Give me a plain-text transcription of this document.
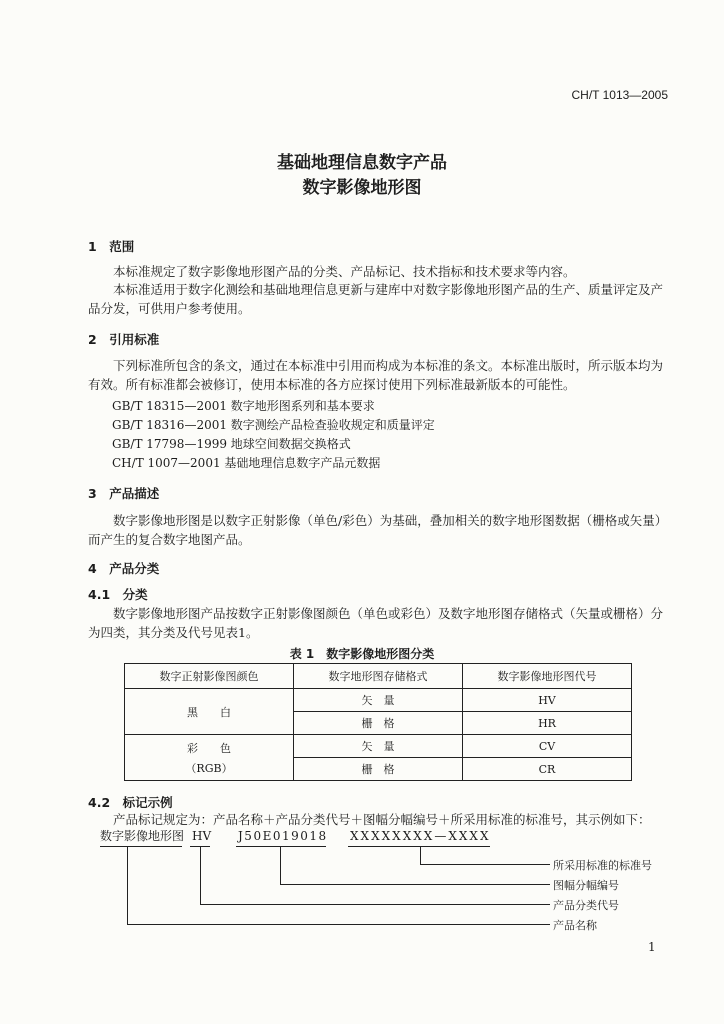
CH/T 1013—2005
基础地理信息数字产品
数字影像地形图
1　范围
本标准规定了数字影像地形图产品的分类、产品标记、技术指标和技术要求等内容。
本标准适用于数字化测绘和基础地理信息更新与建库中对数字影像地形图产品的生产、质量评定及产品分发，可供用户参考使用。
2　引用标准
下列标准所包含的条文，通过在本标准中引用而构成为本标准的条文。本标准出版时，所示版本均为有效。所有标准都会被修订，使用本标准的各方应探讨使用下列标准最新版本的可能性。
GB/T 18315—2001 数字地形图系列和基本要求
GB/T 18316—2001 数字测绘产品检查验收规定和质量评定
GB/T 17798—1999 地球空间数据交换格式
CH/T 1007—2001 基础地理信息数字产品元数据
3　产品描述
数字影像地形图是以数字正射影像（单色/彩色）为基础，叠加相关的数字地形图数据（栅格或矢量）而产生的复合数字地图产品。
4　产品分类
4.1　分类
数字影像地形图产品按数字正射影像图颜色（单色或彩色）及数字地形图存储格式（矢量或栅格）分为四类，其分类及代号见表1。
表 1　数字影像地形图分类
数字正射影像图颜色	数字地形图存储格式	数字影像地形图代号
黑　　白	矢　量	HV
	栅　格	HR

彩　　色
（RGB）	矢　量	CV
	栅　格	CR
4.2　标记示例
产品标记规定为：产品名称＋产品分类代号＋图幅分幅编号＋所采用标准的标准号，其示例如下：
数字影像地形图 HV J50E019018 XXXXXXXX—XXXX
所采用标准的标准号
图幅分幅编号
产品分类代号
产品名称
1
